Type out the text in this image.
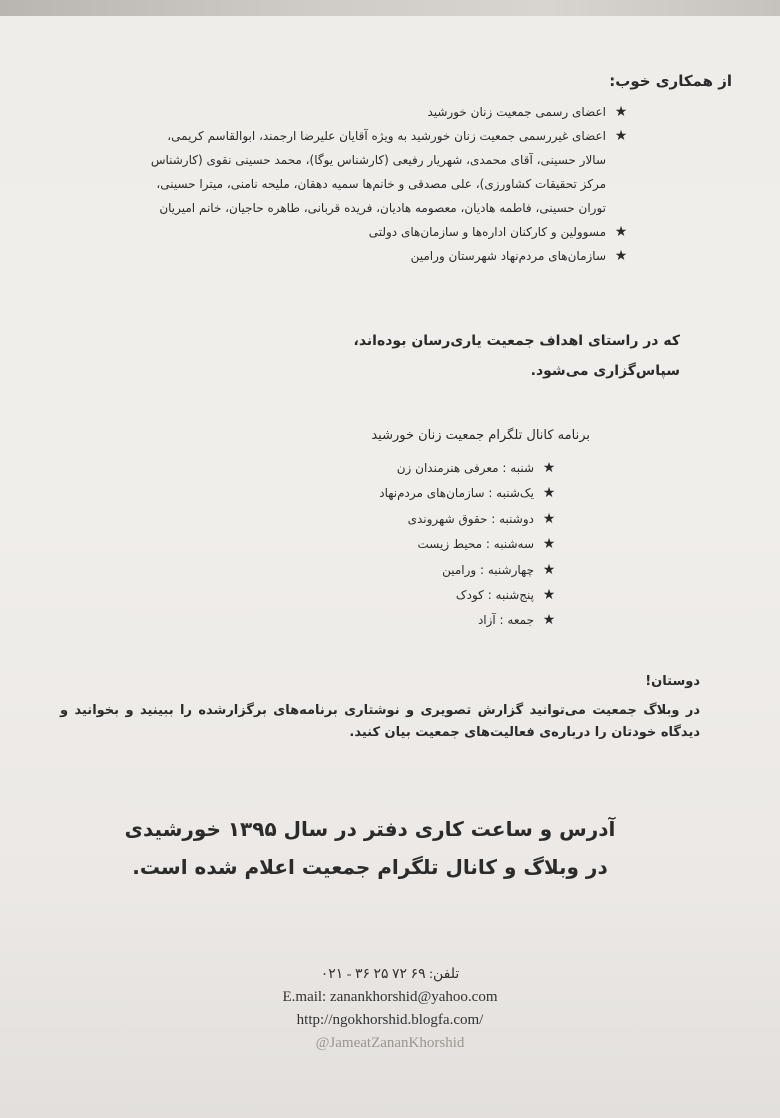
از همکاری خوب:
★
اعضای رسمی جمعیت زنان خورشید
★
اعضای غیررسمی جمعیت زنان خورشید به ویژه آقایان علیرضا ارجمند، ابوالقاسم کریمی، سالار حسینی، آقای محمدی، شهریار رفیعی (کارشناس یوگا)، محمد حسینی نقوی (کارشناس مرکز تحقیقات کشاورزی)، علی مصدقی و خانم‌ها سمیه دهقان، ملیحه نامنی، میترا حسینی، توران حسینی، فاطمه هادیان، معصومه هادیان، فریده قربانی، طاهره حاجیان، خانم امیریان
★
مسوولین و کارکنان اداره‌ها و سازمان‌های دولتی
★
سازمان‌های مردم‌نهاد شهرستان ورامین
که در راستای اهداف جمعیت یاری‌رسان بوده‌اند،
سپاس‌گزاری می‌شود.
برنامه کانال تلگرام جمعیت زنان خورشید
★شنبه : معرفی هنرمندان زن
★یک‌شنبه : سازمان‌های مردم‌نهاد
★دوشنبه : حقوق شهروندی
★سه‌شنبه : محیط زیست
★چهارشنبه : ورامین
★پنج‌شنبه : کودک
★جمعه : آزاد
دوستان!
در وبلاگ جمعیت می‌توانید گزارش تصویری و نوشتاری برنامه‌های برگزارشده را ببینید و بخوانید و دیدگاه خودتان را درباره‌ی فعالیت‌های جمعیت بیان کنید.
آدرس و ساعت کاری دفتر در سال ۱۳۹۵ خورشیدی
در وبلاگ و کانال تلگرام جمعیت اعلام شده است.
تلفن: ۶۹ ۷۲ ۲۵ ۳۶ - ۰۲۱
E.mail: zanankhorshid@yahoo.com
http://ngokhorshid.blogfa.com/
@JameatZananKhorshid
